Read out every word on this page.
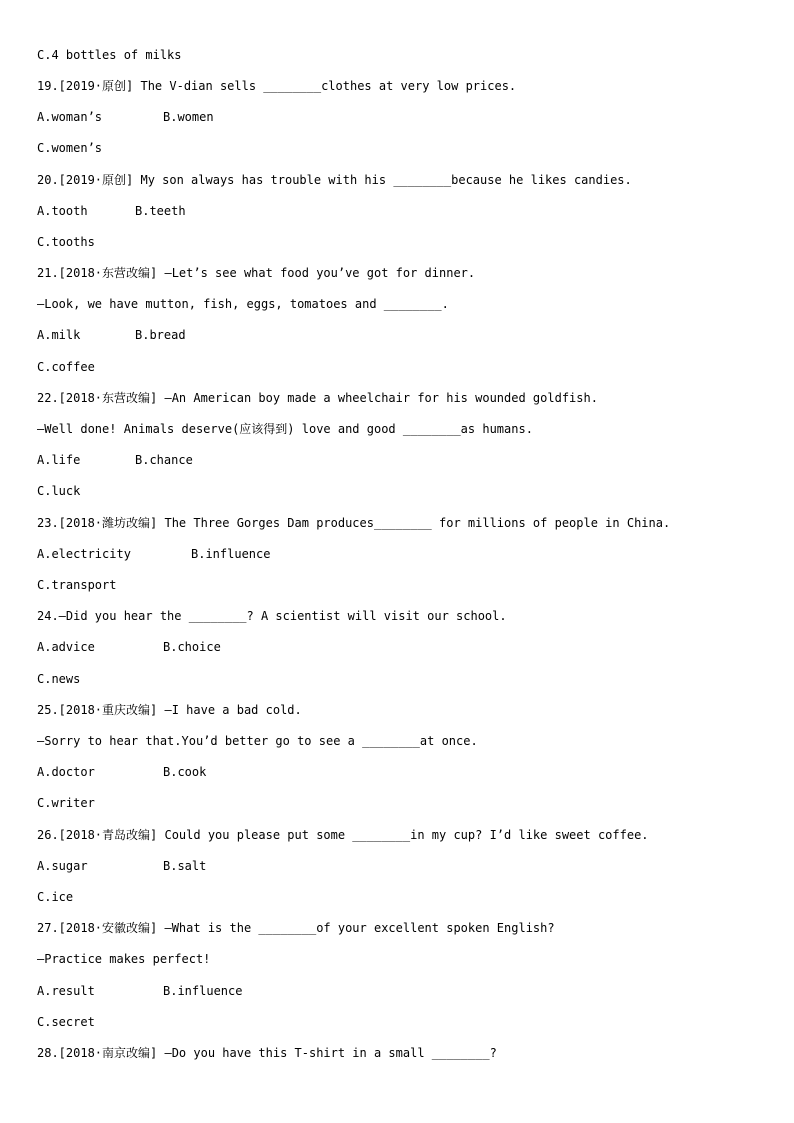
C.4 bottles of milks
19.[2019·原创] The V-dian sells ________clothes at very low prices.
A.woman’s	B.women
C.women’s
20.[2019·原创] My son always has trouble with his ________because he likes candies.
A.tooth	B.teeth
C.tooths
21.[2018·东营改编] —Let’s see what food you’ve got for dinner.
—Look, we have mutton, fish, eggs, tomatoes and ________.
A.milk	B.bread
C.coffee
22.[2018·东营改编] —An American boy made a wheelchair for his wounded goldfish.
—Well done! Animals deserve(应该得到) love and good ________as humans.
A.life	B.chance
C.luck
23.[2018·潍坊改编] The Three Gorges Dam produces________ for millions of people in China.
A.electricity	B.influence
C.transport
24.—Did you hear the ________? A scientist will visit our school.
A.advice	B.choice
C.news
25.[2018·重庆改编] —I have a bad cold.
—Sorry to hear that.You’d better go to see a ________at once.
A.doctor	B.cook
C.writer
26.[2018·青岛改编] Could you please put some ________in my cup? I’d like sweet coffee.
A.sugar	B.salt
C.ice
27.[2018·安徽改编] —What is the ________of your excellent spoken English?
—Practice makes perfect!
A.result	B.influence
C.secret
28.[2018·南京改编] —Do you have this T-shirt in a small ________?
